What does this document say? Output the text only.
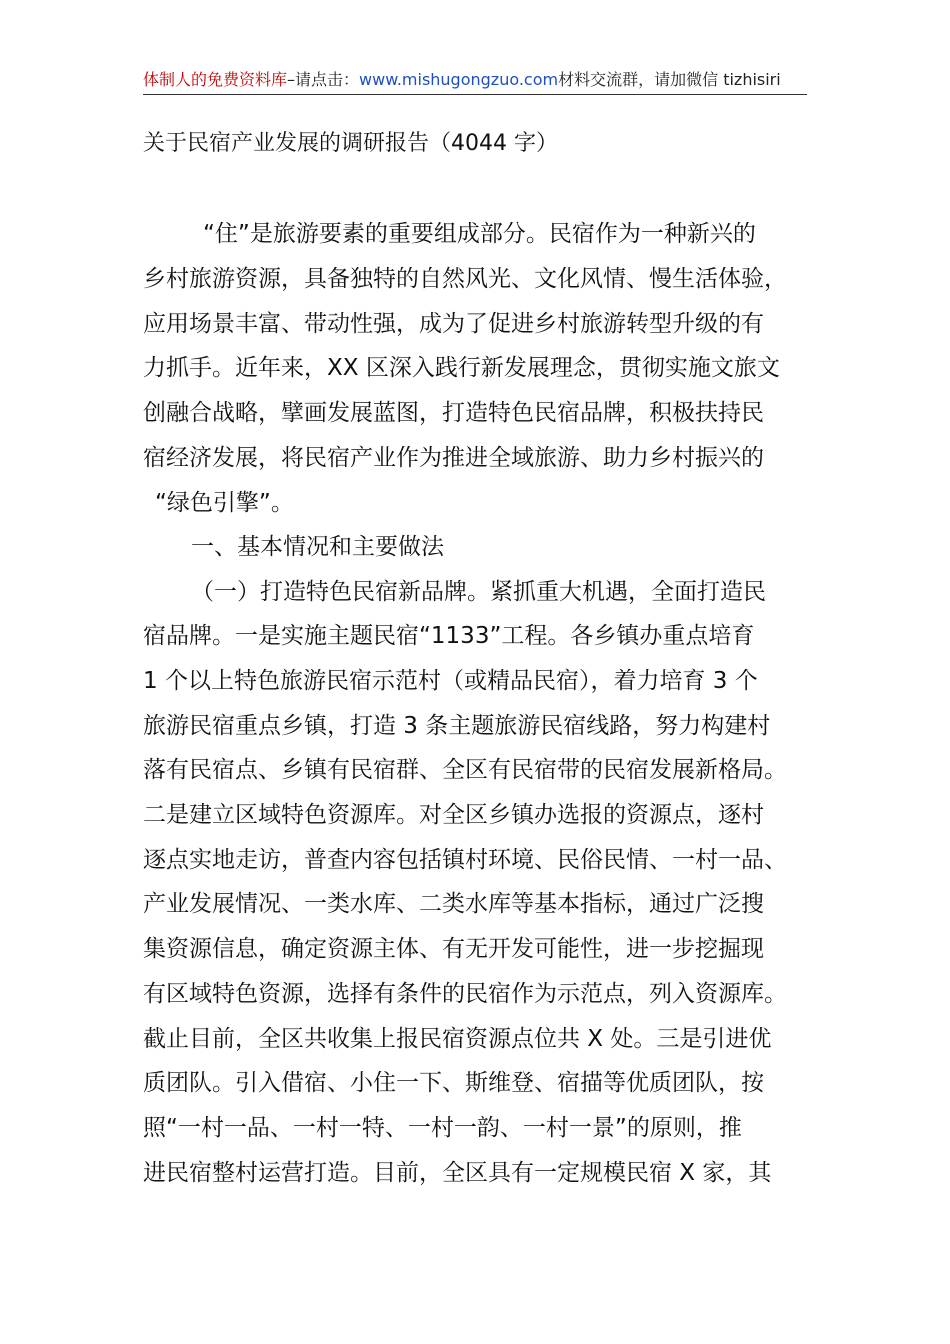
体制人的免费资料库–请点击：www.mishugongzuo.com材料交流群，请加微信 tizhisiri
关于民宿产业发展的调研报告（4044 字）
“住”是旅游要素的重要组成部分。民宿作为一种新兴的
乡村旅游资源，具备独特的自然风光、文化风情、慢生活体验，
应用场景丰富、带动性强，成为了促进乡村旅游转型升级的有
力抓手。近年来，XX 区深入践行新发展理念，贯彻实施文旅文
创融合战略，擘画发展蓝图，打造特色民宿品牌，积极扶持民
宿经济发展，将民宿产业作为推进全域旅游、助力乡村振兴的
“绿色引擎”。
一、基本情况和主要做法
（一）打造特色民宿新品牌。紧抓重大机遇，全面打造民
宿品牌。一是实施主题民宿“1133”工程。各乡镇办重点培育
1 个以上特色旅游民宿示范村（或精品民宿），着力培育 3 个
旅游民宿重点乡镇，打造 3 条主题旅游民宿线路，努力构建村
落有民宿点、乡镇有民宿群、全区有民宿带的民宿发展新格局。
二是建立区域特色资源库。对全区乡镇办选报的资源点，逐村
逐点实地走访，普查内容包括镇村环境、民俗民情、一村一品、
产业发展情况、一类水库、二类水库等基本指标，通过广泛搜
集资源信息，确定资源主体、有无开发可能性，进一步挖掘现
有区域特色资源，选择有条件的民宿作为示范点，列入资源库。
截止目前，全区共收集上报民宿资源点位共 X 处。三是引进优
质团队。引入借宿、小住一下、斯维登、宿描等优质团队，按
照“一村一品、一村一特、一村一韵、一村一景”的原则，推
进民宿整村运营打造。目前，全区具有一定规模民宿 X 家，其
